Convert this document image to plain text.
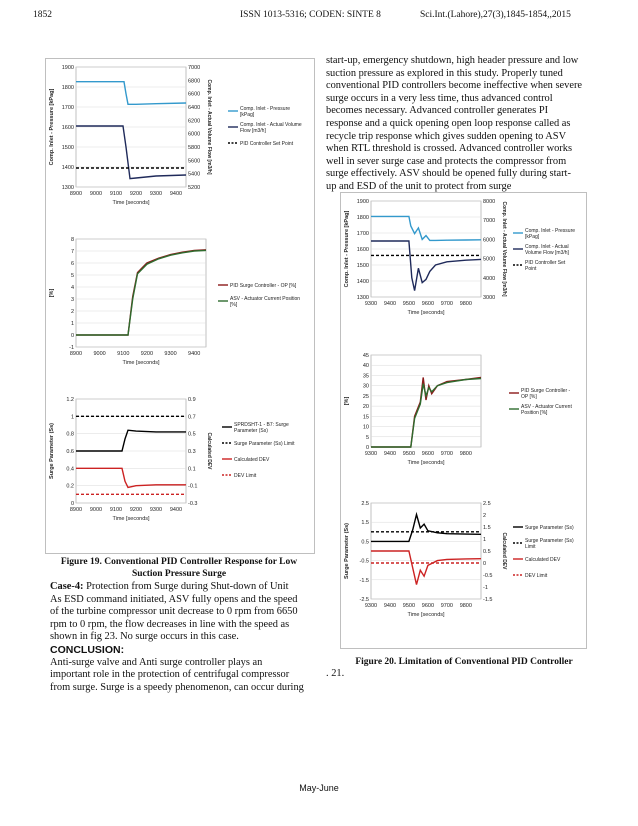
1852	ISSN 1013-5316; CODEN: SINTE 8	Sci.Int.(Lahore),27(3),1845-1854,,2015
1300
1400
1500
1600
1700
1800
1900
5200
5400
5600
5800
6000
6200
6400
6600
6800
7000
8900 9000 9100 9200 9300 9400
Time [seconds]
Comp. Inlet - Pressure [kPag]	Comp. Inlet - Actual Volume Flow [m3/h]	Comp. Inlet - Pressure [kPag]
Comp. Inlet - Actual Volume Flow [m3/h]
PID Controller Set Point
-1
0
1
2
3
4
5
6
7
8
8900 9000 9100 9200 9300 9400
Time [seconds]
[%]
PID Surge Controller - OP [%]
ASV - Actuator Current Position [%]
0
0.2
0.4
0.6
0.8
1
1.2
-0.3
-0.1
0.1
0.3
0.5
0.7
0.9
8900 9000 9100 9200 9300 9400
Time [seconds]
Surge Parameter (Ss)	Calculated DEV
SPRDSHT-1 - B7: Surge Parameter (Ss)
Surge Parameter (Ss) Limit
Calculated DEV
DEV Limit
Figure 19. Conventional PID Controller Response for Low
Suction Pressure Surge

Case-4: Protection from Surge during Shut-down of Unit

As ESD command initiated, ASV fully opens and the speed

of the turbine compressor unit decrease to 0 rpm from 6650

rpm to 0 rpm, the flow decreases in line with the speed as

shown in fig 23. No surge occurs in this case.

CONCLUSION:

Anti-surge valve and Anti surge controller plays an

important role in the protection of centrifugal compressor

from surge. Surge is a speedy phenomenon, can occur during

start-up, emergency shutdown, high header pressure and low

suction pressure as explored in this study. Properly tuned

conventional PID controllers become ineffective when severe

surge occurs in a very less time, thus advanced control

becomes necessary. Advanced controller generates PI

response and a quick opening open loop response called as

recycle trip response which gives sudden opening to ASV

when RTL threshold is crossed. Advanced controller works

well in sever surge case and protects the compressor from

surge effectively. ASV should be opened fully during start-

up and ESD of the unit to protect from surge

1300
1400
1500
1600
1700
1800
1900
3000
4000
5000
6000
7000
8000
9300 9400 9500 9600 9700 9800
Time [seconds]
Comp. Inlet - Pressure [kPag]	Comp. Inlet - Actual Volume Flow [m3/h]	Comp. Inlet - Pressure [kPag]
Comp. Inlet - Actual Volume Flow [m3/h]
PID Controller Set Point
0
5
10
15
20
25
30
35
40
45
9300 9400 9500 9600 9700 9800
Time [seconds]
[%]
PID Surge Controller -OP [%]
ASV - Actuator Current Position [%]
-2.5
-1.5
-0.5
0.5
1.5
2.5
-1.5
-1
-0.5
0
0.5
1
1.5
2
2.5
9300 9400 9500 9600 9700 9800
Time [seconds]
Surge Parameter (Ss)	Calculated DEV
Surge Parameter (Ss)
Surge Parameter (Ss) Limit
Calculated DEV
DEV Limit
Figure 20. Limitation of Conventional PID Controller
. 21.
May-June
